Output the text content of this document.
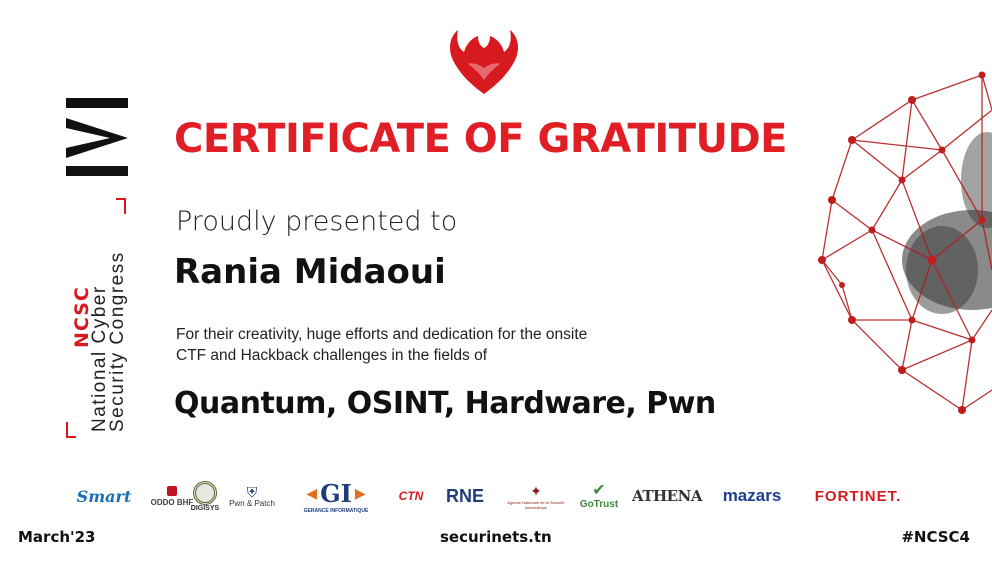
NCSC
National Cyber
Security Congress
CERTIFICATE OF GRATITUDE
Proudly presented to
Rania Midaoui
For their creativity, huge efforts and dedication for the onsite
CTF and Hackback challenges in the fields of
Quantum, OSINT, Hardware, Pwn
Smart ODDO BHF
DIGISYS
⛨
Pwn & Patch
◀ GI ▶
GERANCE INFORMATIQUE
CTN RNE	✦
Agence Nationale de la Sécurité Informatique
✔
GoTrust ATHENA mazars FORTINET.
March'23	securinets.tn	#NCSC4
